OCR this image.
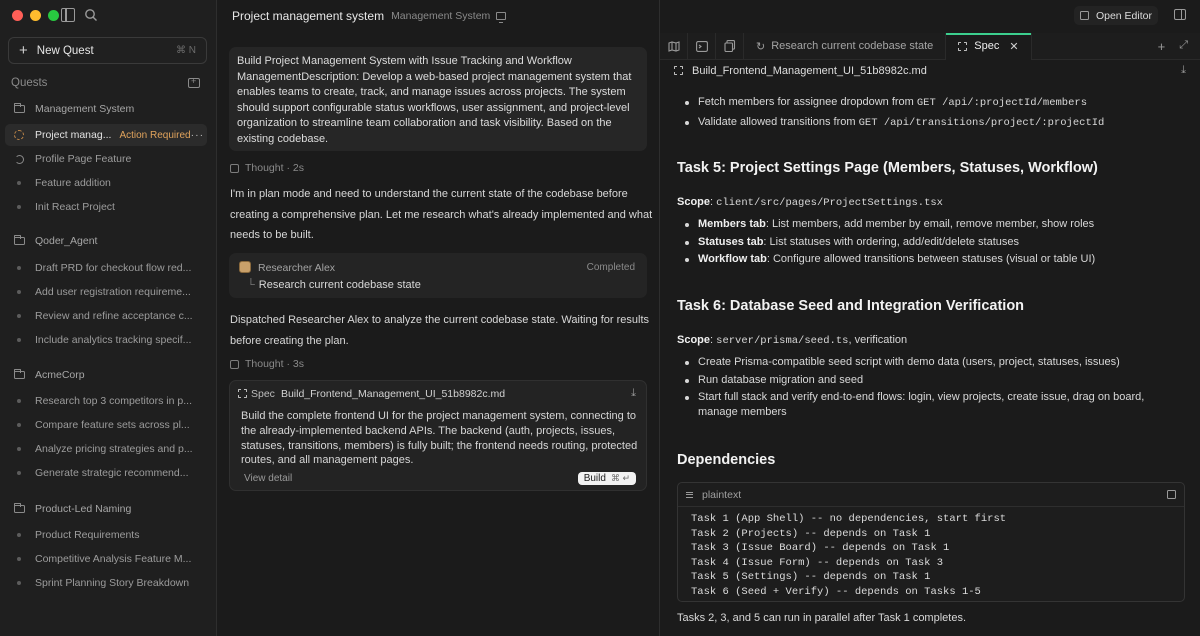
+ New Quest	⌘ N
Quests
+
Management System
Project manag... Action Required ···
Profile Page Feature
Feature addition
Init React Project
Qoder_Agent
Draft PRD for checkout flow red...
Add user registration requireme...
Review and refine acceptance c...
Include analytics tracking specif...
AcmeCorp
Research top 3 competitors in p...
Compare feature sets across pl...
Analyze pricing strategies and p...
Generate strategic recommend...
Product-Led Naming
Product Requirements
Competitive Analysis Feature M...
Sprint Planning Story Breakdown
Project management system Management System
Build Project Management System with Issue Tracking and Workflow ManagementDescription: Develop a web-based project management system that enables teams to create, track, and manage issues across projects. The system should support configurable status workflows, user assignment, and project-level organization to streamline team collaboration and task visibility. Based on the existing codebase.
Thought · 2s
I'm in plan mode and need to understand the current state of the codebase before creating a comprehensive plan. Let me research what's already implemented and what needs to be built.
Researcher Alex	Completed
└ Research current codebase state
Dispatched Researcher Alex to analyze the current codebase state. Waiting for results before creating the plan.
Thought · 3s
Spec Build_Frontend_Management_UI_51b8982c.md	⤓
Build the complete frontend UI for the project management system, connecting to the already-implemented backend APIs. The backend (auth, projects, issues, statuses, transitions, members) is fully built; the frontend needs routing, protected routes, and all management pages.
View detail	Build ⌘ ↵
Open Editor
↻ Research current codebase state	Spec ✕	+ ⤢
Build_Frontend_Management_UI_51b8982c.md	⤓
Fetch members for assignee dropdown from GET /api/:projectId/members
Validate allowed transitions from GET /api/transitions/project/:projectId
Task 5: Project Settings Page (Members, Statuses, Workflow)
Scope: client/src/pages/ProjectSettings.tsx
Members tab: List members, add member by email, remove member, show roles
Statuses tab: List statuses with ordering, add/edit/delete statuses
Workflow tab: Configure allowed transitions between statuses (visual or table UI)
Task 6: Database Seed and Integration Verification
Scope: server/prisma/seed.ts, verification
Create Prisma-compatible seed script with demo data (users, project, statuses, issues)
Run database migration and seed
Start full stack and verify end-to-end flows: login, view projects, create issue, drag on board, manage members
Dependencies
plaintext
Task 1 (App Shell) -- no dependencies, start first
Task 2 (Projects) -- depends on Task 1
Task 3 (Issue Board) -- depends on Task 1
Task 4 (Issue Form) -- depends on Task 3
Task 5 (Settings) -- depends on Task 1
Task 6 (Seed + Verify) -- depends on Tasks 1-5
Tasks 2, 3, and 5 can run in parallel after Task 1 completes.
